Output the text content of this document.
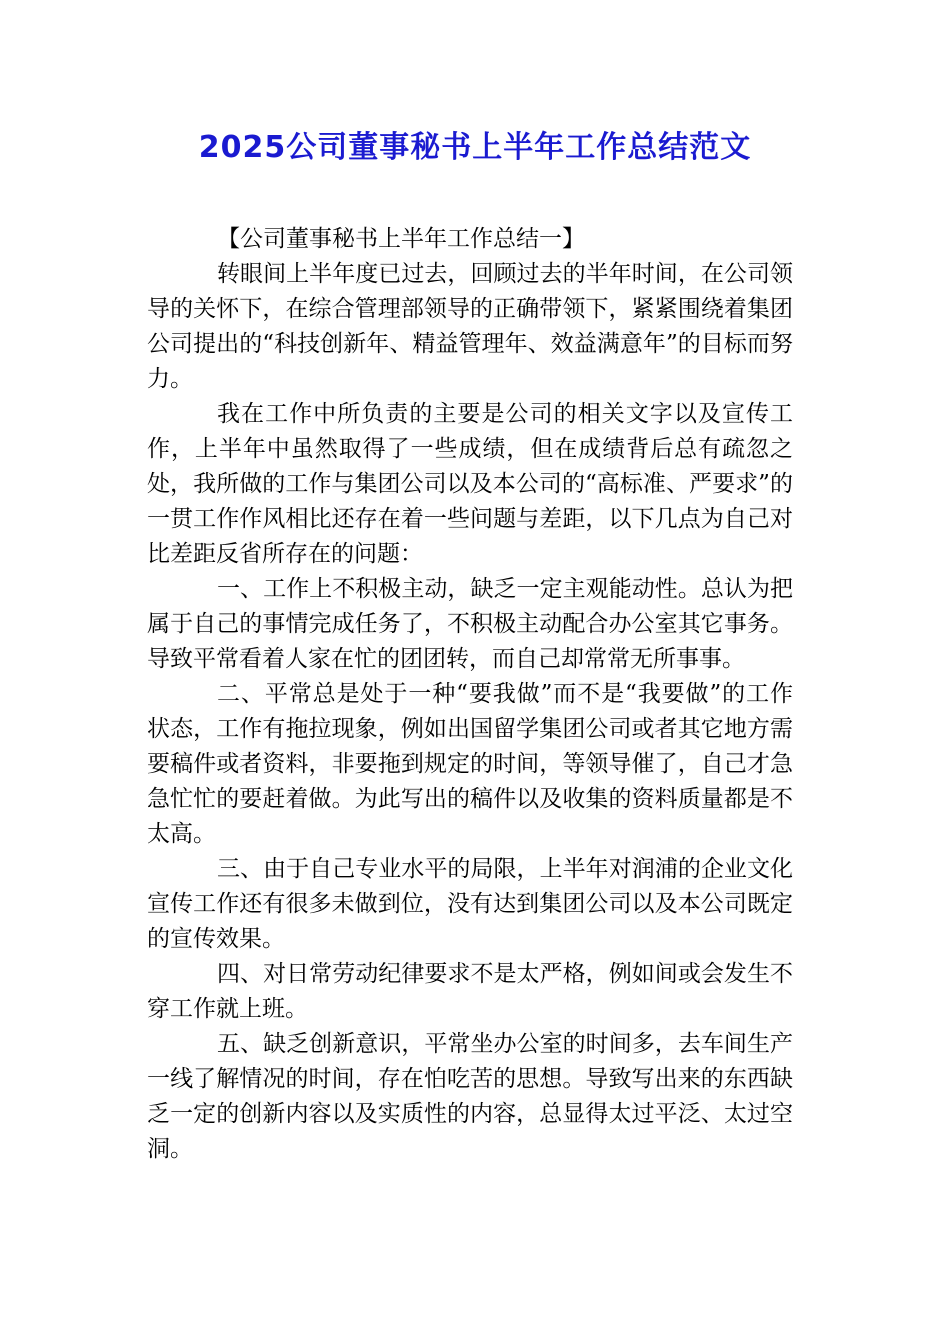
2025公司董事秘书上半年工作总结范文

【公司董事秘书上半年工作总结一】

转眼间上半年度已过去，回顾过去的半年时间，在公司领导的关怀下，在综合管理部领导的正确带领下，紧紧围绕着集团公司提出的“科技创新年、精益管理年、效益满意年”的目标而努力。

我在工作中所负责的主要是公司的相关文字以及宣传工作，上半年中虽然取得了一些成绩，但在成绩背后总有疏忽之处，我所做的工作与集团公司以及本公司的“高标准、严要求”的一贯工作作风相比还存在着一些问题与差距，以下几点为自己对比差距反省所存在的问题：

一、工作上不积极主动，缺乏一定主观能动性。总认为把属于自己的事情完成任务了，不积极主动配合办公室其它事务。导致平常看着人家在忙的团团转，而自己却常常无所事事。

二、平常总是处于一种“要我做”而不是“我要做”的工作状态，工作有拖拉现象，例如出国留学集团公司或者其它地方需要稿件或者资料，非要拖到规定的时间，等领导催了，自己才急急忙忙的要赶着做。为此写出的稿件以及收集的资料质量都是不太高。

三、由于自己专业水平的局限，上半年对润浦的企业文化宣传工作还有很多未做到位，没有达到集团公司以及本公司既定的宣传效果。

四、对日常劳动纪律要求不是太严格，例如间或会发生不穿工作就上班。

五、缺乏创新意识，平常坐办公室的时间多，去车间生产一线了解情况的时间，存在怕吃苦的思想。导致写出来的东西缺乏一定的创新内容以及实质性的内容，总显得太过平泛、太过空洞。
